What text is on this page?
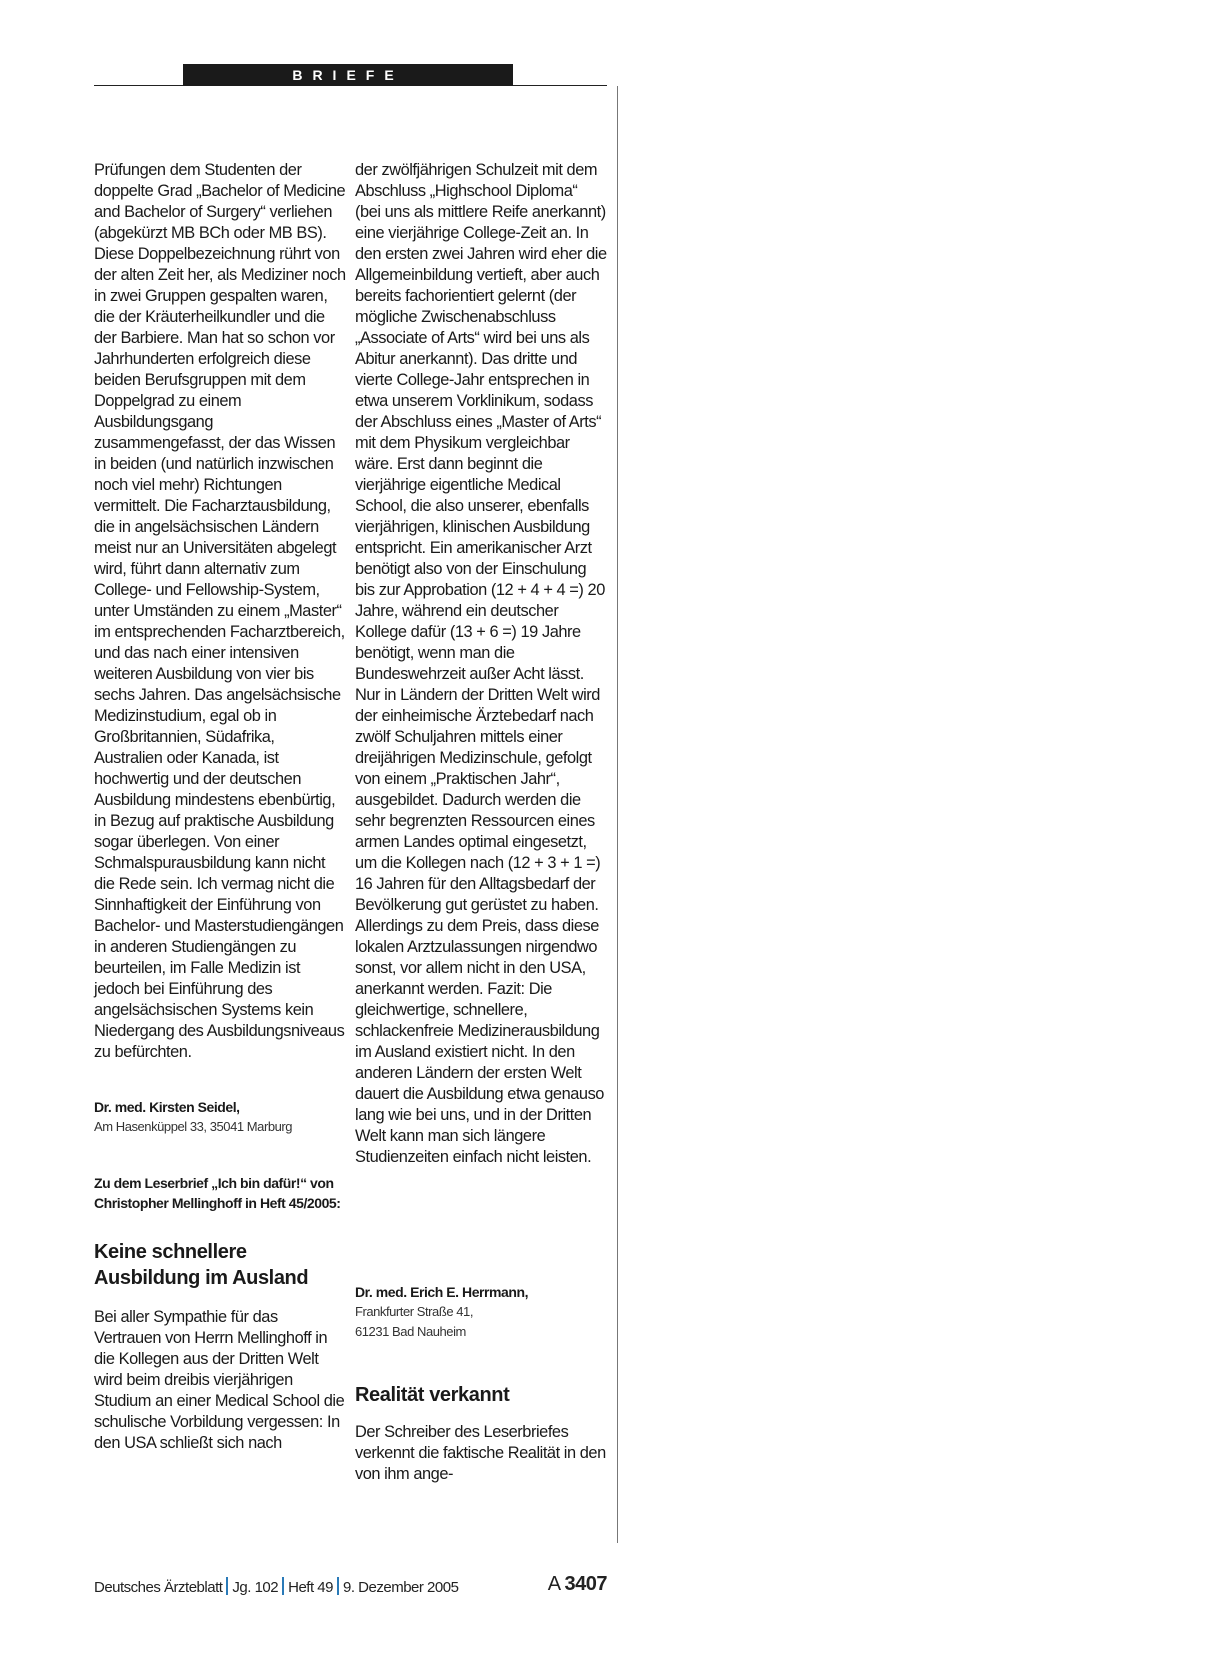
BRIEFE

Prüfungen dem Studenten der doppelte Grad „Bachelor of Medicine and Bachelor of Surgery“ verliehen (abgekürzt MB BCh oder MB BS). Diese Doppelbezeichnung rührt von der alten Zeit her, als Mediziner noch in zwei Gruppen gespalten waren, die der Kräuterheilkundler und die der Barbiere. Man hat so schon vor Jahrhunderten erfolgreich diese beiden Berufsgruppen mit dem Doppelgrad zu einem Ausbildungsgang zusammengefasst, der das Wissen in beiden (und natürlich inzwischen noch viel mehr) Richtungen vermittelt. Die Facharztausbildung, die in angelsächsischen Ländern meist nur an Universitäten abgelegt wird, führt dann alternativ zum College- und Fellowship-System, unter Umständen zu einem „Master“ im entsprechenden Facharztbereich, und das nach einer intensiven weiteren Ausbildung von vier bis sechs Jahren. Das angelsächsische Medizinstudium, egal ob in Großbritannien, Südafrika, Australien oder Kanada, ist hochwertig und der deutschen Ausbildung mindestens ebenbürtig, in Bezug auf praktische Ausbildung sogar überlegen. Von einer Schmalspurausbildung kann nicht die Rede sein. Ich vermag nicht die Sinnhaftigkeit der Einführung von Bachelor- und Masterstudiengängen in anderen Studiengängen zu beurteilen, im Falle Medizin ist jedoch bei Einführung des angelsächsischen Systems kein Niedergang des Ausbildungsniveaus zu befürchten.

Dr. med. Kirsten Seidel,

Am Hasenküppel 33, 35041 Marburg

Zu dem Leserbrief „Ich bin dafür!“ von Christopher Mellinghoff in Heft 45/2005:

Keine schnellere Ausbildung im Ausland

Bei aller Sympathie für das Vertrauen von Herrn Mellinghoff in die Kollegen aus der Dritten Welt wird beim dreibis vierjährigen Studium an einer Medical School die schulische Vorbildung vergessen: In den USA schließt sich nach

der zwölfjährigen Schulzeit mit dem Abschluss „Highschool Diploma“ (bei uns als mittlere Reife anerkannt) eine vierjährige College-Zeit an. In den ersten zwei Jahren wird eher die Allgemeinbildung vertieft, aber auch bereits fachorientiert gelernt (der mögliche Zwischenabschluss „Associate of Arts“ wird bei uns als Abitur anerkannt). Das dritte und vierte College-Jahr entsprechen in etwa unserem Vorklinikum, sodass der Abschluss eines „Master of Arts“ mit dem Physikum vergleichbar wäre. Erst dann beginnt die vierjährige eigentliche Medical School, die also unserer, ebenfalls vierjährigen, klinischen Ausbildung entspricht. Ein amerikanischer Arzt benötigt also von der Einschulung bis zur Approbation (12 + 4 + 4 =) 20 Jahre, während ein deutscher Kollege dafür (13 + 6 =) 19 Jahre benötigt, wenn man die Bundeswehrzeit außer Acht lässt. Nur in Ländern der Dritten Welt wird der einheimische Ärztebedarf nach zwölf Schuljahren mittels einer dreijährigen Medizinschule, gefolgt von einem „Praktischen Jahr“, ausgebildet. Dadurch werden die sehr begrenzten Ressourcen eines armen Landes optimal eingesetzt, um die Kollegen nach (12 + 3 + 1 =) 16 Jahren für den Alltagsbedarf der Bevölkerung gut gerüstet zu haben. Allerdings zu dem Preis, dass diese lokalen Arztzulassungen nirgendwo sonst, vor allem nicht in den USA, anerkannt werden. Fazit: Die gleichwertige, schnellere, schlackenfreie Medizinerausbildung im Ausland existiert nicht. In den anderen Ländern der ersten Welt dauert die Ausbildung etwa genauso lang wie bei uns, und in der Dritten Welt kann man sich längere Studienzeiten einfach nicht leisten.

Dr. med. Erich E. Herrmann,

Frankfurter Straße 41,

61231 Bad Nauheim

Realität verkannt

Der Schreiber des Leserbriefes verkennt die faktische Realität in den von ihm ange-

Deutsches Ärzteblatt Jg. 102 Heft 49 9. Dezember 2005	A 3407
